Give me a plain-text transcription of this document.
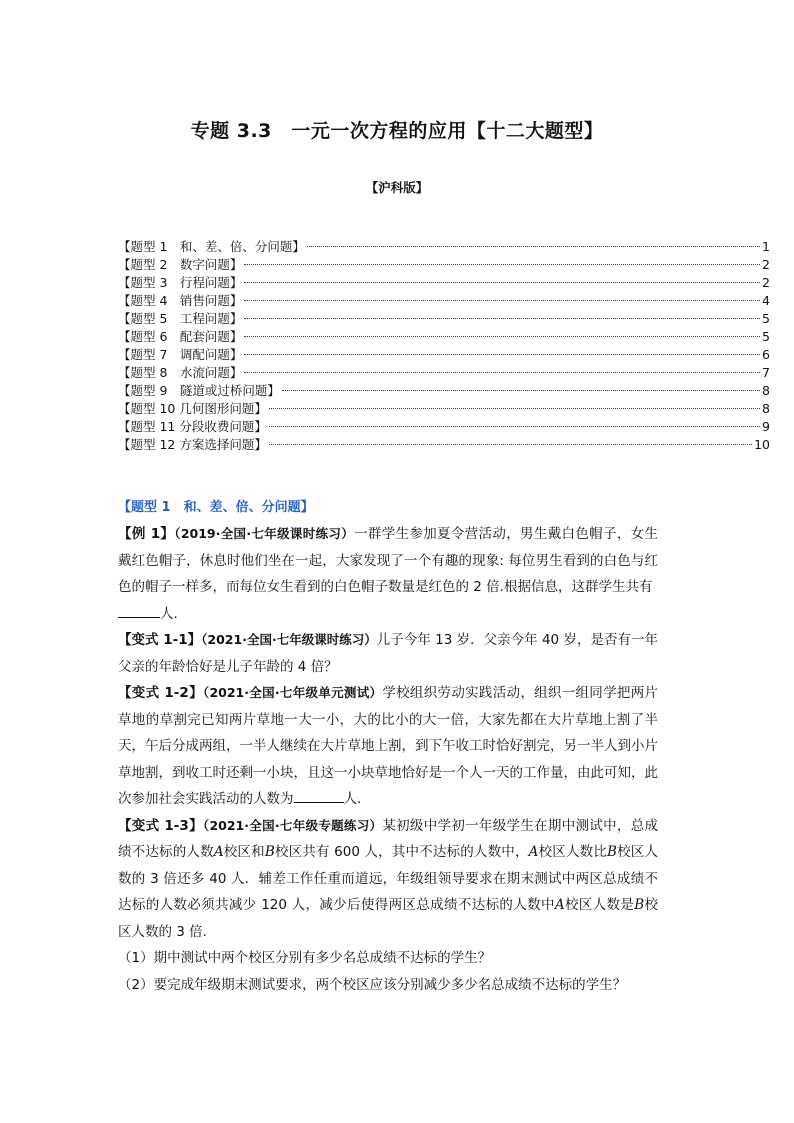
专题 3.3　一元一次方程的应用【十二大题型】
【沪科版】
【题型 1　和、差、倍、分问题】	1
【题型 2　数字问题】	2
【题型 3　行程问题】	2
【题型 4　销售问题】	4
【题型 5　工程问题】	5
【题型 6　配套问题】	5
【题型 7　调配问题】	6
【题型 8　水流问题】	7
【题型 9　隧道或过桥问题】	8
【题型 10 几何图形问题】	8
【题型 11 分段收费问题】	9
【题型 12 方案选择问题】	10
【题型 1　和、差、倍、分问题】

【例 1】（2019·全国·七年级课时练习）一群学生参加夏令营活动，男生戴白色帽子，女生戴红色帽子，休息时他们坐在一起，大家发现了一个有趣的现象: 每位男生看到的白色与红色的帽子一样多，而每位女生看到的白色帽子数量是红色的 2 倍.根据信息，这群学生共有
人.

【变式 1-1】（2021·全国·七年级课时练习）儿子今年 13 岁．父亲今年 40 岁，是否有一年父亲的年龄恰好是儿子年龄的 4 倍？

【变式 1-2】（2021·全国·七年级单元测试）学校组织劳动实践活动，组织一组同学把两片草地的草割完已知两片草地一大一小，大的比小的大一倍，大家先都在大片草地上割了半天，午后分成两组，一半人继续在大片草地上割，到下午收工时恰好割完，另一半人到小片草地割，到收工时还剩一小块，且这一小块草地恰好是一个人一天的工作量，由此可知，此次参加社会实践活动的人数为	人．

【变式 1-3】（2021·全国·七年级专题练习）某初级中学初一年级学生在期中测试中，总成绩不达标的人数A校区和B校区共有 600 人，其中不达标的人数中，A校区人数比B校区人数的 3 倍还多 40 人．辅差工作任重而道远，年级组领导要求在期末测试中两区总成绩不达标的人数必须共减少 120 人，减少后使得两区总成绩不达标的人数中A校区人数是B校区人数的 3 倍．

（1）期中测试中两个校区分别有多少名总成绩不达标的学生？

（2）要完成年级期末测试要求，两个校区应该分别减少多少名总成绩不达标的学生？
